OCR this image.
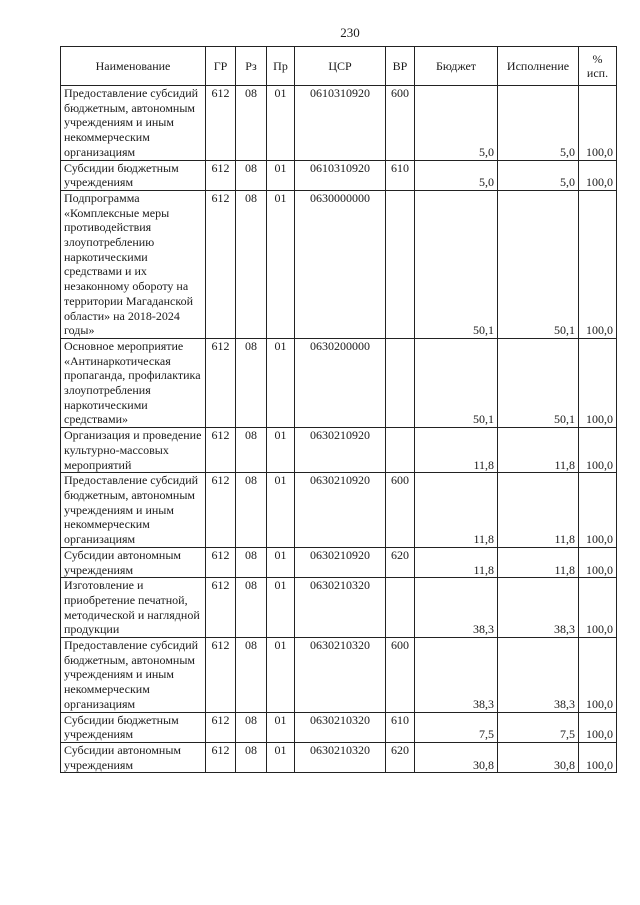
230
Наименование	ГР	Рз	Пр	ЦСР	ВР	Бюджет	Исполнение	%
исп.

Предоставление субсидий бюджетным, автономным учреждениям и иным некоммерческим организациям	612	08	01	0610310920	600	5,0	5,0	100,0
Субсидии бюджетным учреждениям	612	08	01	0610310920	610	5,0	5,0	100,0
Подпрограмма «Комплексные меры противодействия злоупотреблению наркотическими средствами и их незаконному обороту на территории Магаданской области» на 2018-2024 годы»	612	08	01	0630000000		50,1	50,1	100,0
Основное мероприятие «Антинаркотическая пропаганда, профилактика злоупотребления наркотическими средствами»	612	08	01	0630200000		50,1	50,1	100,0
Организация и проведение культурно-массовых мероприятий	612	08	01	0630210920		11,8	11,8	100,0
Предоставление субсидий бюджетным, автономным учреждениям и иным некоммерческим организациям	612	08	01	0630210920	600	11,8	11,8	100,0
Субсидии автономным учреждениям	612	08	01	0630210920	620	11,8	11,8	100,0
Изготовление и приобретение печатной, методической и наглядной продукции	612	08	01	0630210320		38,3	38,3	100,0
Предоставление субсидий бюджетным, автономным учреждениям и иным некоммерческим организациям	612	08	01	0630210320	600	38,3	38,3	100,0
Субсидии бюджетным учреждениям	612	08	01	0630210320	610	7,5	7,5	100,0
Субсидии автономным учреждениям	612	08	01	0630210320	620	30,8	30,8	100,0
